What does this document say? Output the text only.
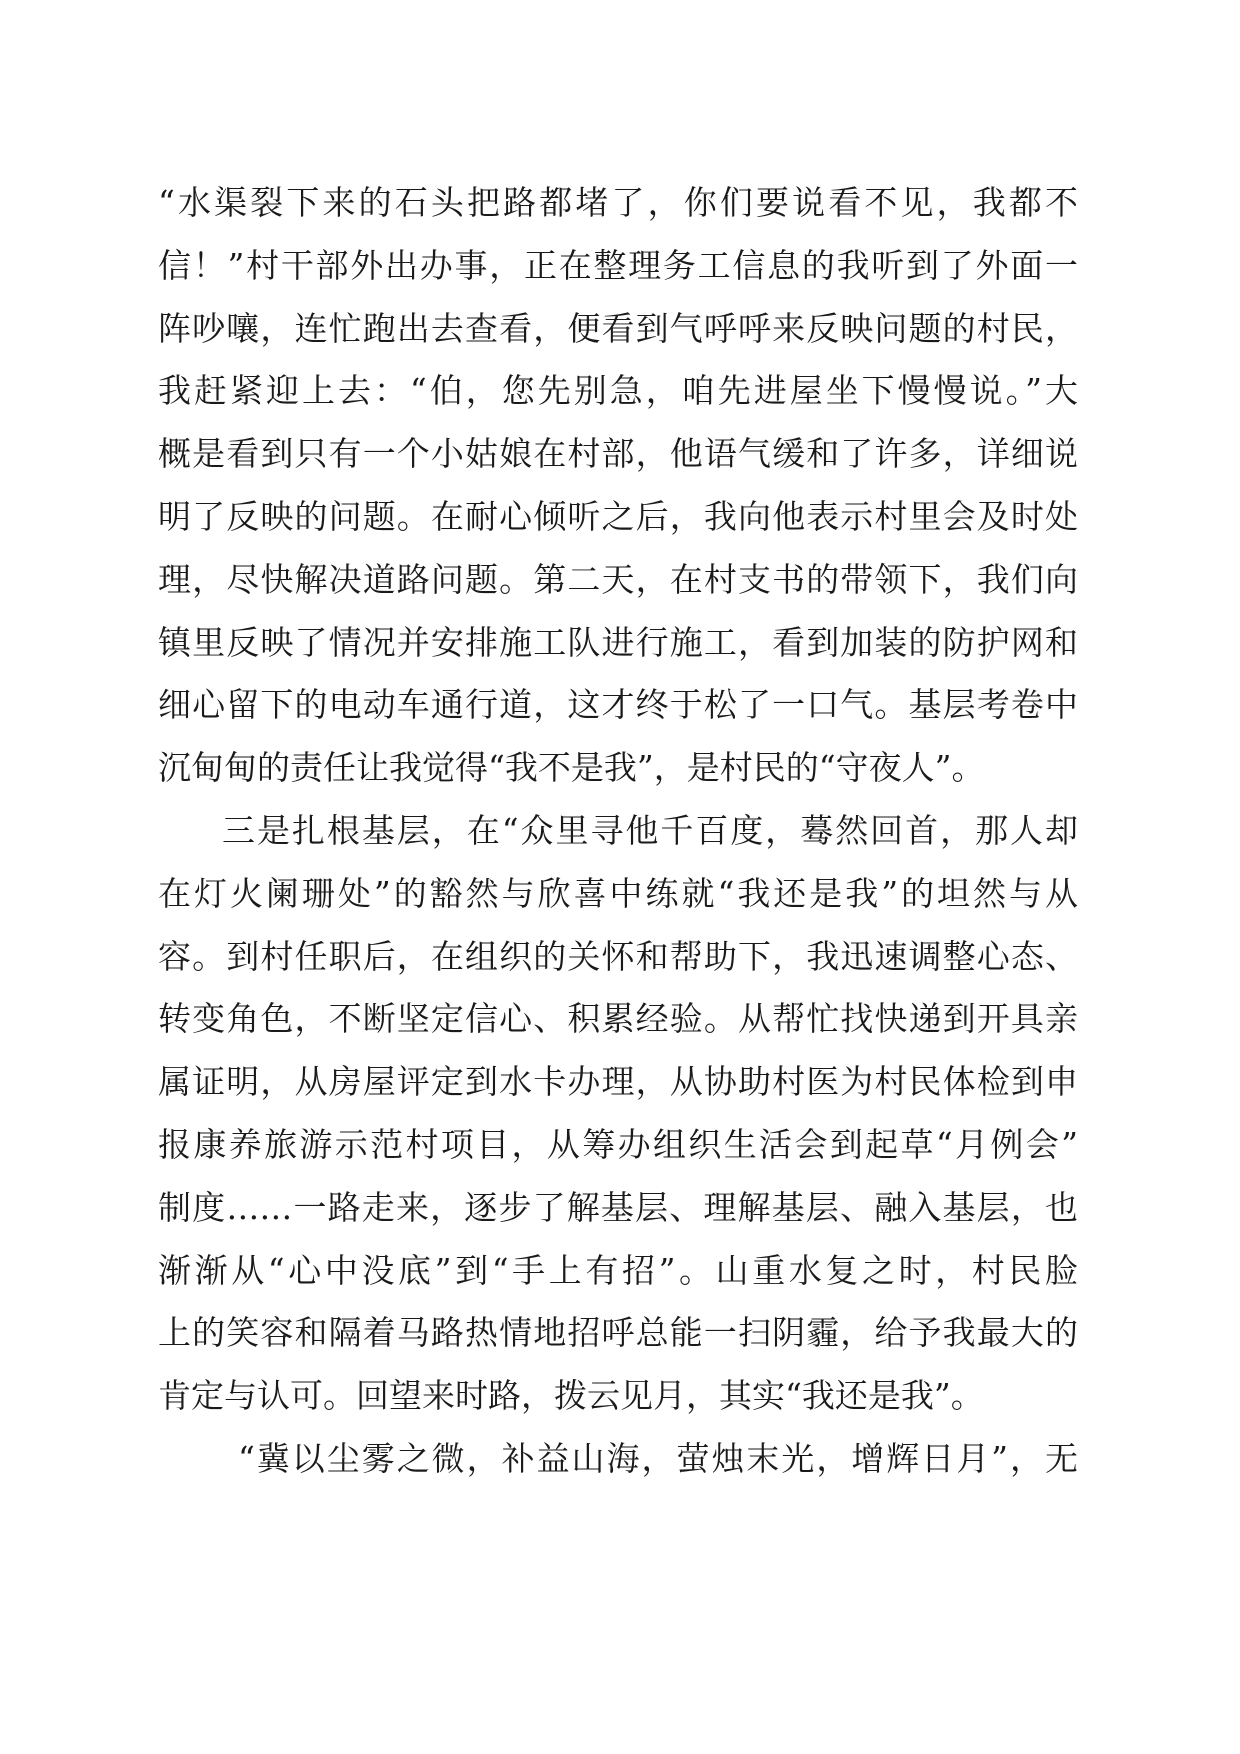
“水渠裂下来的石头把路都堵了，你们要说看不见，我都不
信！”村干部外出办事，正在整理务工信息的我听到了外面一
阵吵嚷，连忙跑出去查看，便看到气呼呼来反映问题的村民，
我赶紧迎上去：“伯，您先别急，咱先进屋坐下慢慢说。”大
概是看到只有一个小姑娘在村部，他语气缓和了许多，详细说
明了反映的问题。在耐心倾听之后，我向他表示村里会及时处
理，尽快解决道路问题。第二天，在村支书的带领下，我们向
镇里反映了情况并安排施工队进行施工，看到加装的防护网和
细心留下的电动车通行道，这才终于松了一口气。基层考卷中
沉甸甸的责任让我觉得“我不是我”，是村民的“守夜人”。
三是扎根基层，在“众里寻他千百度，蓦然回首，那人却
在灯火阑珊处”的豁然与欣喜中练就“我还是我”的坦然与从
容。到村任职后，在组织的关怀和帮助下，我迅速调整心态、
转变角色，不断坚定信心、积累经验。从帮忙找快递到开具亲
属证明，从房屋评定到水卡办理，从协助村医为村民体检到申
报康养旅游示范村项目，从筹办组织生活会到起草“月例会”
制度……一路走来，逐步了解基层、理解基层、融入基层，也
渐渐从“心中没底”到“手上有招”。山重水复之时，村民脸
上的笑容和隔着马路热情地招呼总能一扫阴霾，给予我最大的
肯定与认可。回望来时路，拨云见月，其实“我还是我”。
“冀以尘雾之微，补益山海，萤烛末光，增辉日月”，无
